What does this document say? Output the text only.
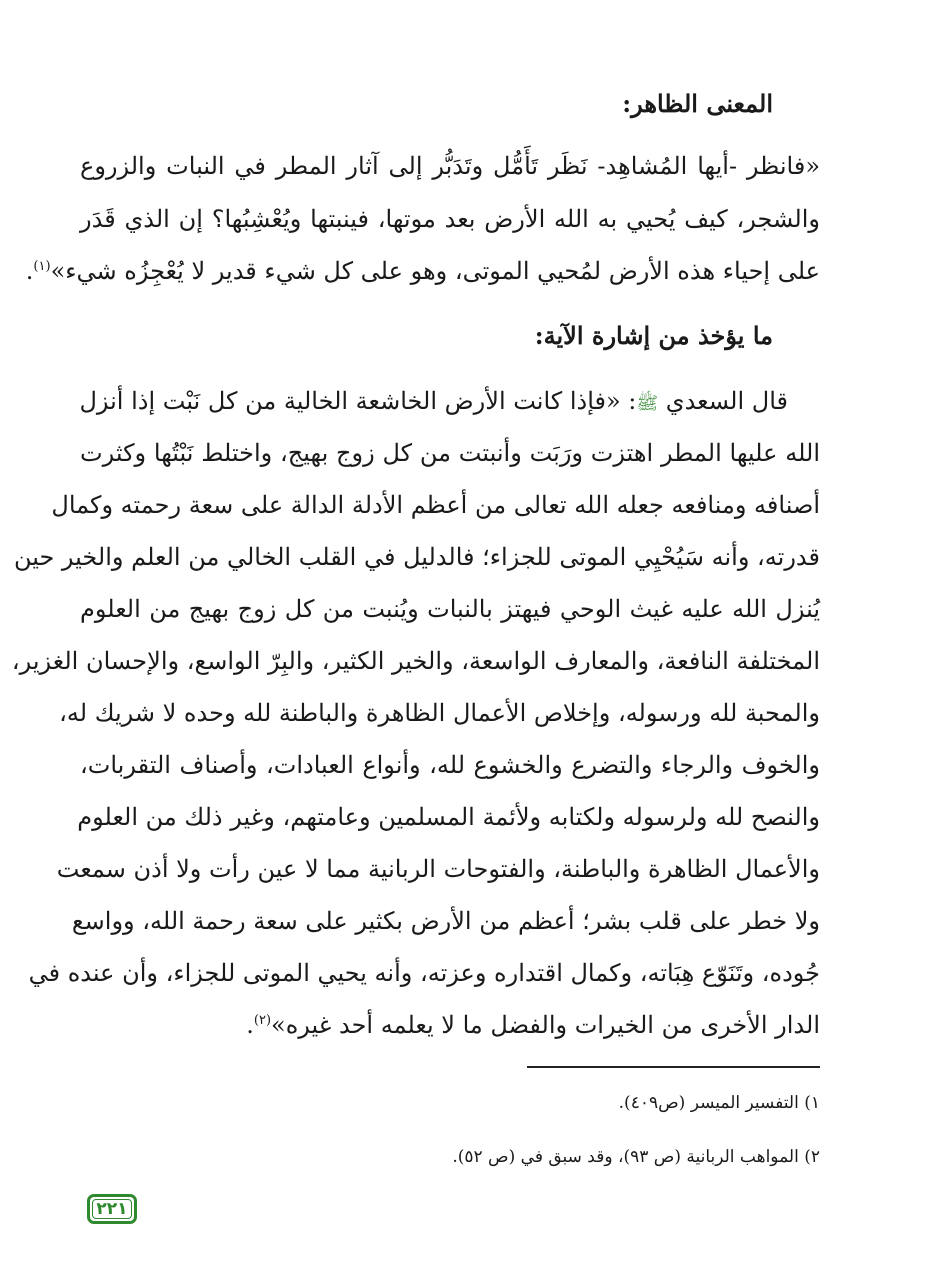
المعنى الظاهر:
«فانظر -أيها المُشاهِد- نَظَر تَأَمُّل وتَدَبُّر إلى آثار المطر في النبات والزروع
والشجر، كيف يُحيي به الله الأرض بعد موتها، فينبتها ويُعْشِبُها؟ إن الذي قَدَر
على إحياء هذه الأرض لمُحيي الموتى، وهو على كل شيء قدير لا يُعْجِزُه شيء»$^{(١)}$.
ما يؤخذ من إشارة الآية:
قال السعدي ﷺ: «فإذا كانت الأرض الخاشعة الخالية من كل نَبْت إذا أنزل
الله عليها المطر اهتزت ورَبَت وأنبتت من كل زوج بهيج، واختلط نَبْتُها وكثرت
أصنافه ومنافعه جعله الله تعالى من أعظم الأدلة الدالة على سعة رحمته وكمال
قدرته، وأنه سَيُحْيِي الموتى للجزاء؛ فالدليل في القلب الخالي من العلم والخير حين
يُنزل الله عليه غيث الوحي فيهتز بالنبات ويُنبت من كل زوج بهيج من العلوم
المختلفة النافعة، والمعارف الواسعة، والخير الكثير، والبِرّ الواسع، والإحسان الغزير،
والمحبة لله ورسوله، وإخلاص الأعمال الظاهرة والباطنة لله وحده لا شريك له،
والخوف والرجاء والتضرع والخشوع لله، وأنواع العبادات، وأصناف التقربات،
والنصح لله ولرسوله ولكتابه ولأئمة المسلمين وعامتهم، وغير ذلك من العلوم
والأعمال الظاهرة والباطنة، والفتوحات الربانية مما لا عين رأت ولا أذن سمعت
ولا خطر على قلب بشر؛ أعظم من الأرض بكثير على سعة رحمة الله، وواسع
جُوده، وتَنَوّع هِبَاته، وكمال اقتداره وعزته، وأنه يحيي الموتى للجزاء، وأن عنده في
الدار الأخرى من الخيرات والفضل ما لا يعلمه أحد غيره»$^{(٢)}$.
١) التفسير الميسر (ص٤٠٩).
٢) المواهب الربانية (ص ٩٣)، وقد سبق في (ص ٥٢).
٢٢١
